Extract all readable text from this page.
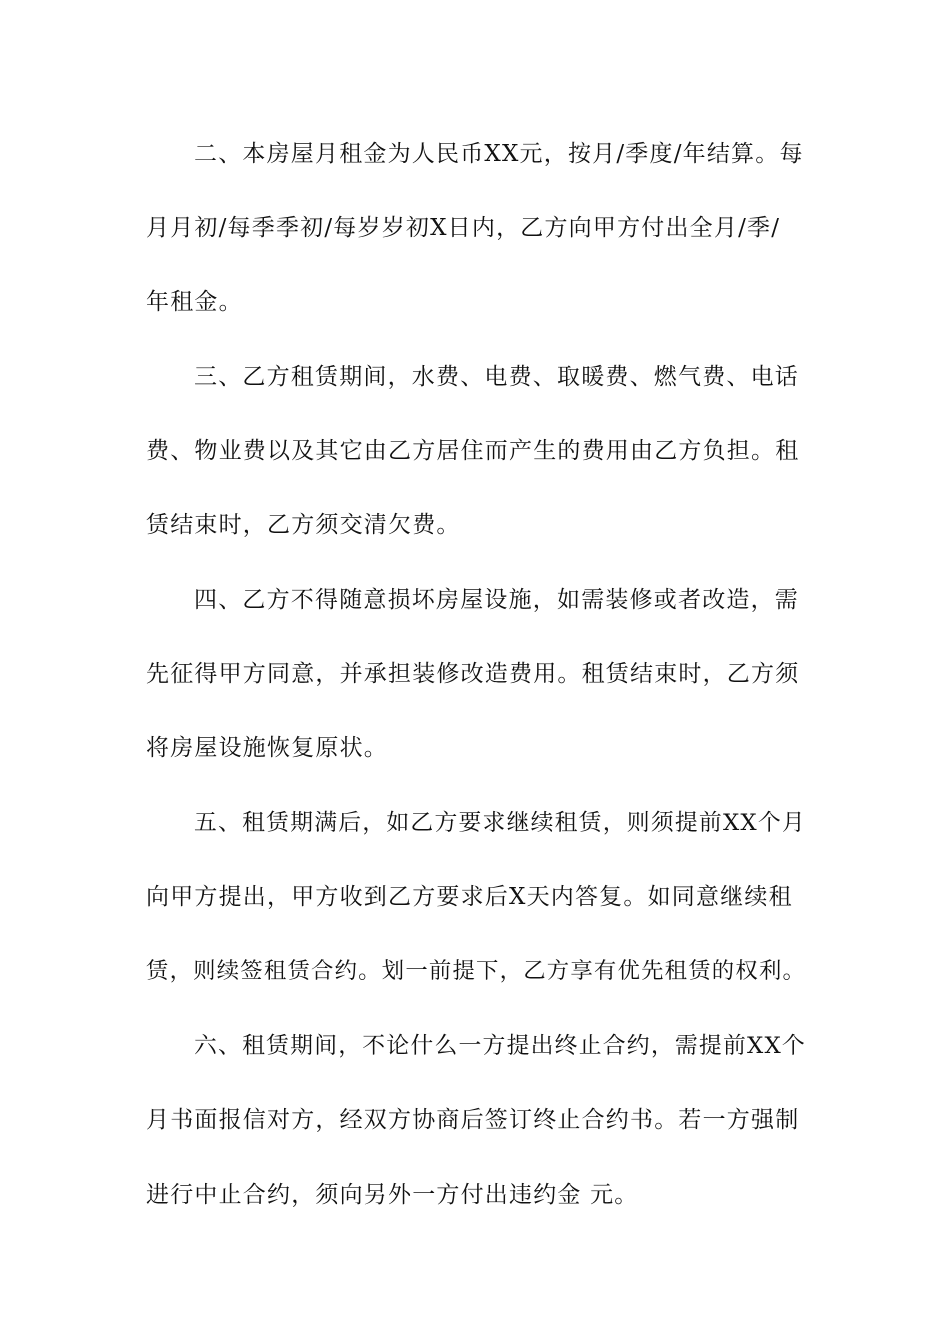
二、本房屋月租金为人民币XX元，按月/季度/年结算。每
月月初/每季季初/每岁岁初X日内，乙方向甲方付出全月/季/
年租金。
三、乙方租赁期间，水费、电费、取暖费、燃气费、电话
费、物业费以及其它由乙方居住而产生的费用由乙方负担。租
赁结束时，乙方须交清欠费。
四、乙方不得随意损坏房屋设施，如需装修或者改造，需
先征得甲方同意，并承担装修改造费用。租赁结束时，乙方须
将房屋设施恢复原状。
五、租赁期满后，如乙方要求继续租赁，则须提前XX个月
向甲方提出，甲方收到乙方要求后X天内答复。如同意继续租
赁，则续签租赁合约。划一前提下，乙方享有优先租赁的权利。
六、租赁期间，不论什么一方提出终止合约，需提前XX个
月书面报信对方，经双方协商后签订终止合约书。若一方强制
进行中止合约，须向另外一方付出违约金 元。
